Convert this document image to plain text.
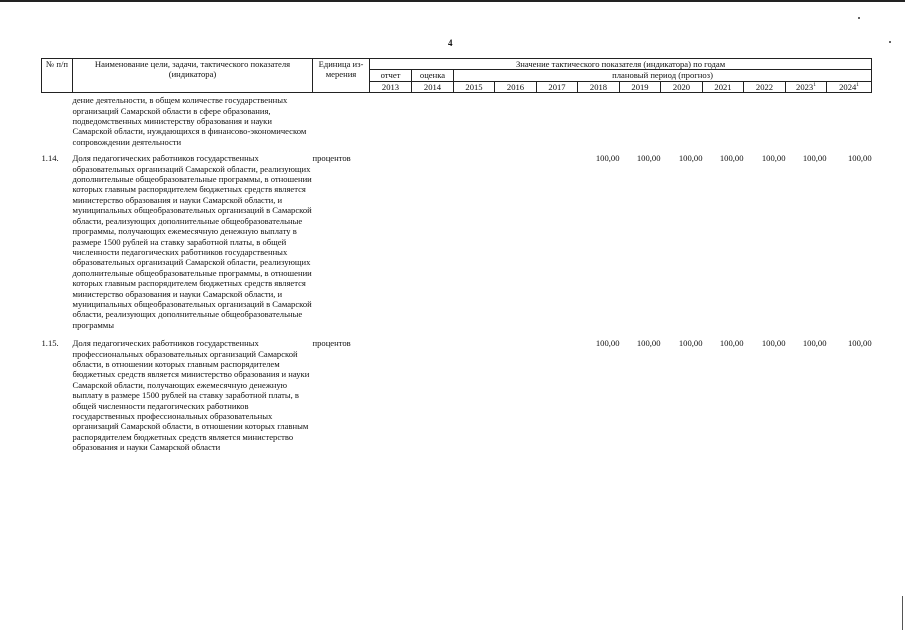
4
№ п/п	Наименование цели, задачи, тактического показателя (индикатора)	Единица из- мерения	Значение тактического показателя (индикатора) по годам											
			отчет	оценка	плановый период (прогноз)									
			2013	2014	2015	2016	2017	2018	2019	2020	2021	2022	2023$^1$	2024$^1$
	дение деятельности, в общем количестве государственных организаций Самарской области в сфере образования, подведомственных министерству образования и науки Самарской области, нуждающихся в финансово-экономическом сопровождении деятельности													
1.14.	Доля педагогических работников государственных образовательных организаций Самарской области, реализующих дополнительные общеобразовательные программы, в отношении которых главным распорядителем бюджетных средств является министерство образования и науки Самарской области, и муниципальных общеобразовательных организаций в Самарской области, реализующих дополнительные общеобразовательные программы, получающих ежемесячную денежную выплату в размере 1500 рублей на ставку заработной платы, в общей численности педагогических работников государственных образовательных организаций Самарской области, реализующих дополнительные общеобразовательные программы, в отношении которых главным распорядителем бюджетных средств является министерство образования и науки Самарской области, и муниципальных общеобразовательных организаций в Самарской области, реализующих дополнительные общеобразовательные программы	процентов						100,00	100,00	100,00	100,00	100,00	100,00	100,00
1.15.	Доля педагогических работников государственных профессиональных образовательных организаций Самарской области, в отношении которых главным распорядителем бюджетных средств является министерство образования и науки Самарской области, получающих ежемесячную денежную выплату в размере 1500 рублей на ставку заработной платы, в общей численности педагогических работников государственных профессиональных образовательных организаций Самарской области, в отношении которых главным распорядителем бюджетных средств является министерство образования и науки Самарской области	процентов						100,00	100,00	100,00	100,00	100,00	100,00	100,00
